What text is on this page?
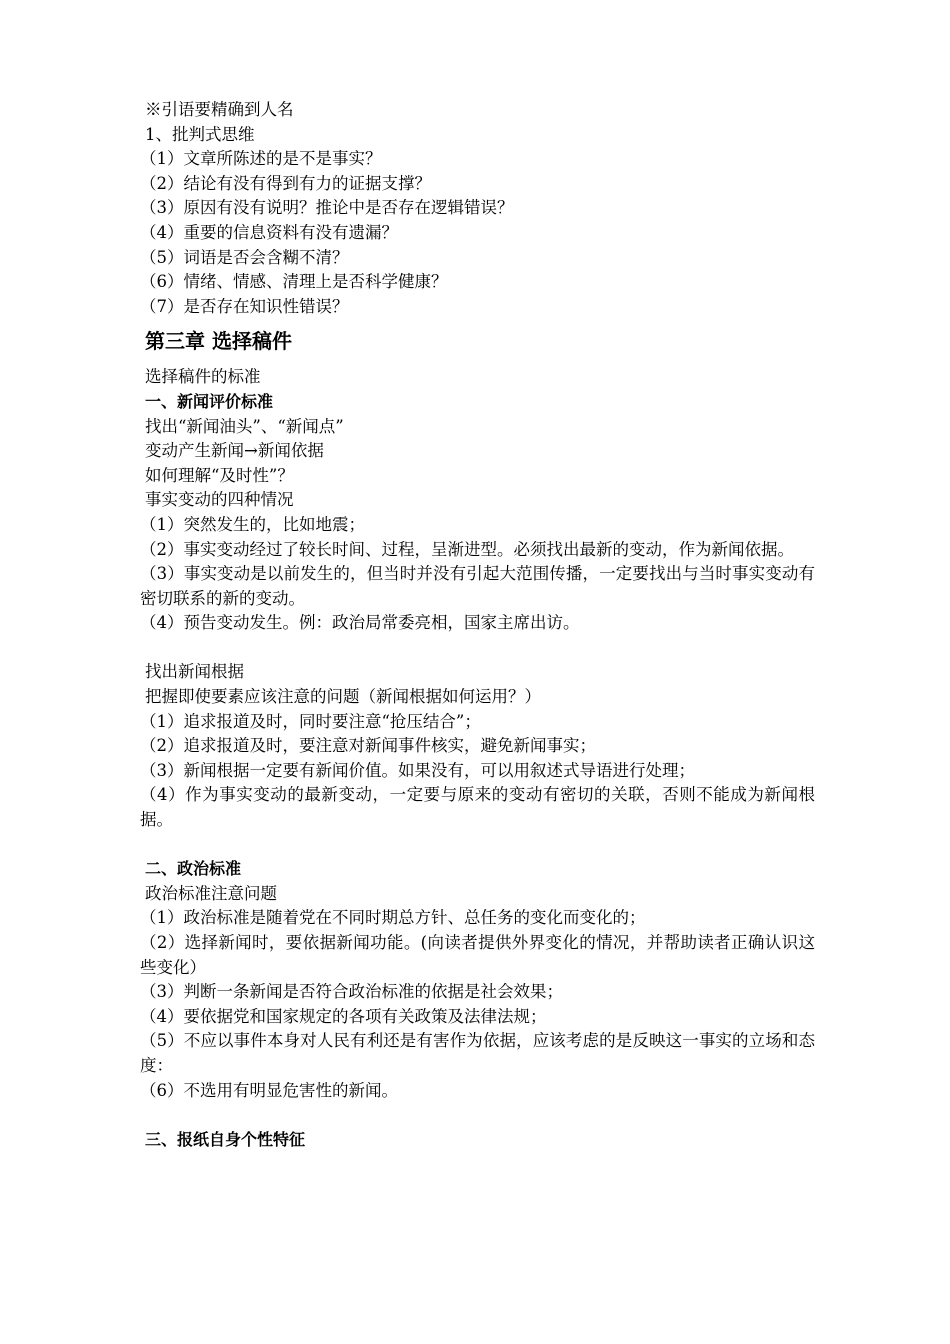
※引语要精确到人名
1、批判式思维
（1）文章所陈述的是不是事实？
（2）结论有没有得到有力的证据支撑？
（3）原因有没有说明？推论中是否存在逻辑错误？
（4）重要的信息资料有没有遗漏？
（5）词语是否会含糊不清？
（6）情绪、情感、清理上是否科学健康？
（7）是否存在知识性错误？
第三章 选择稿件
选择稿件的标准
一、新闻评价标准
找出“新闻油头”、“新闻点”
变动产生新闻→新闻依据
如何理解“及时性”？
事实变动的四种情况
（1）突然发生的，比如地震；
（2）事实变动经过了较长时间、过程，呈渐进型。必须找出最新的变动，作为新闻依据。
（3）事实变动是以前发生的，但当时并没有引起大范围传播，一定要找出与当时事实变动有密切联系的新的变动。
（4）预告变动发生。例：政治局常委亮相，国家主席出访。
找出新闻根据
把握即使要素应该注意的问题（新闻根据如何运用？）
（1）追求报道及时，同时要注意“抢压结合”；
（2）追求报道及时，要注意对新闻事件核实，避免新闻事实；
（3）新闻根据一定要有新闻价值。如果没有，可以用叙述式导语进行处理；
（4）作为事实变动的最新变动，一定要与原来的变动有密切的关联，否则不能成为新闻根据。
二、政治标准
政治标准注意问题
（1）政治标准是随着党在不同时期总方针、总任务的变化而变化的；
（2）选择新闻时，要依据新闻功能。(向读者提供外界变化的情况，并帮助读者正确认识这些变化）
（3）判断一条新闻是否符合政治标准的依据是社会效果；
（4）要依据党和国家规定的各项有关政策及法律法规；
（5）不应以事件本身对人民有利还是有害作为依据，应该考虑的是反映这一事实的立场和态度：
（6）不选用有明显危害性的新闻。
三、报纸自身个性特征
